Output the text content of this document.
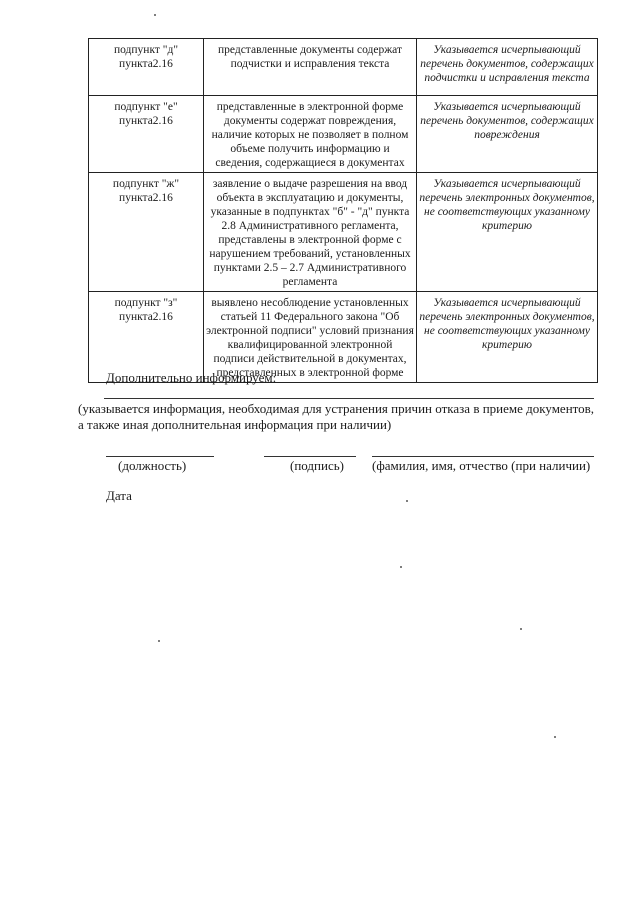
подпункт "д" пункта2.16	представленные документы содержат подчистки и исправления текста	Указывается исчерпывающий перечень документов, содержащих подчистки и исправления текста

подпункт "е" пункта2.16	представленные в электронной форме документы содержат повреждения, наличие которых не позволяет в полном объеме получить информацию и сведения, содержащиеся в документах	Указывается исчерпывающий перечень документов, содержащих повреждения

подпункт "ж" пункта2.16	заявление о выдаче разрешения на ввод объекта в эксплуатацию и документы, указанные в подпунктах "б" - "д" пункта 2.8 Административного регламента, представлены в электронной форме с нарушением требований, установленных пунктами 2.5 – 2.7 Административного регламента	Указывается исчерпывающий перечень электронных документов, не соответствующих указанному критерию

подпункт "з" пункта2.16	выявлено несоблюдение установленных статьей 11 Федерального закона "Об электронной подписи" условий признания квалифицированной электронной подписи действительной в документах, представленных в электронной форме	Указывается исчерпывающий перечень электронных документов, не соответствующих указанному критерию
Дополнительно информируем:
(указывается информация, необходимая для устранения причин отказа в приеме документов, а также иная дополнительная информация при наличии)
(должность)	(подпись) (фамилия, имя, отчество (при наличии)
Дата
